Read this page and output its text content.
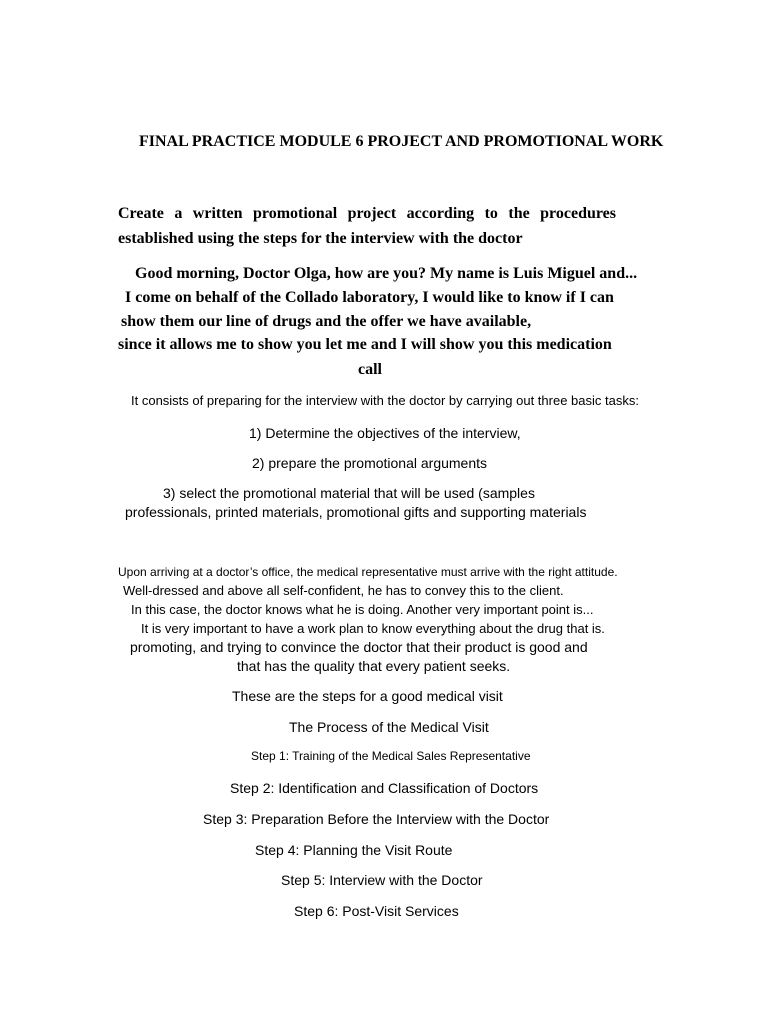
FINAL PRACTICE MODULE 6 PROJECT AND PROMOTIONAL WORK
Create a written promotional project according to the procedures
established using the steps for the interview with the doctor
Good morning, Doctor Olga, how are you? My name is Luis Miguel and...
I come on behalf of the Collado laboratory, I would like to know if I can
show them our line of drugs and the offer we have available,
since it allows me to show you let me and I will show you this medication
call
It consists of preparing for the interview with the doctor by carrying out three basic tasks:
1) Determine the objectives of the interview,
2) prepare the promotional arguments
3) select the promotional material that will be used (samples
professionals, printed materials, promotional gifts and supporting materials
Upon arriving at a doctor’s office, the medical representative must arrive with the right attitude.
Well-dressed and above all self-confident, he has to convey this to the client.
In this case, the doctor knows what he is doing. Another very important point is...
It is very important to have a work plan to know everything about the drug that is.
promoting, and trying to convince the doctor that their product is good and
that has the quality that every patient seeks.
These are the steps for a good medical visit
The Process of the Medical Visit
Step 1: Training of the Medical Sales Representative
Step 2: Identification and Classification of Doctors
Step 3: Preparation Before the Interview with the Doctor
Step 4: Planning the Visit Route
Step 5: Interview with the Doctor
Step 6: Post-Visit Services
